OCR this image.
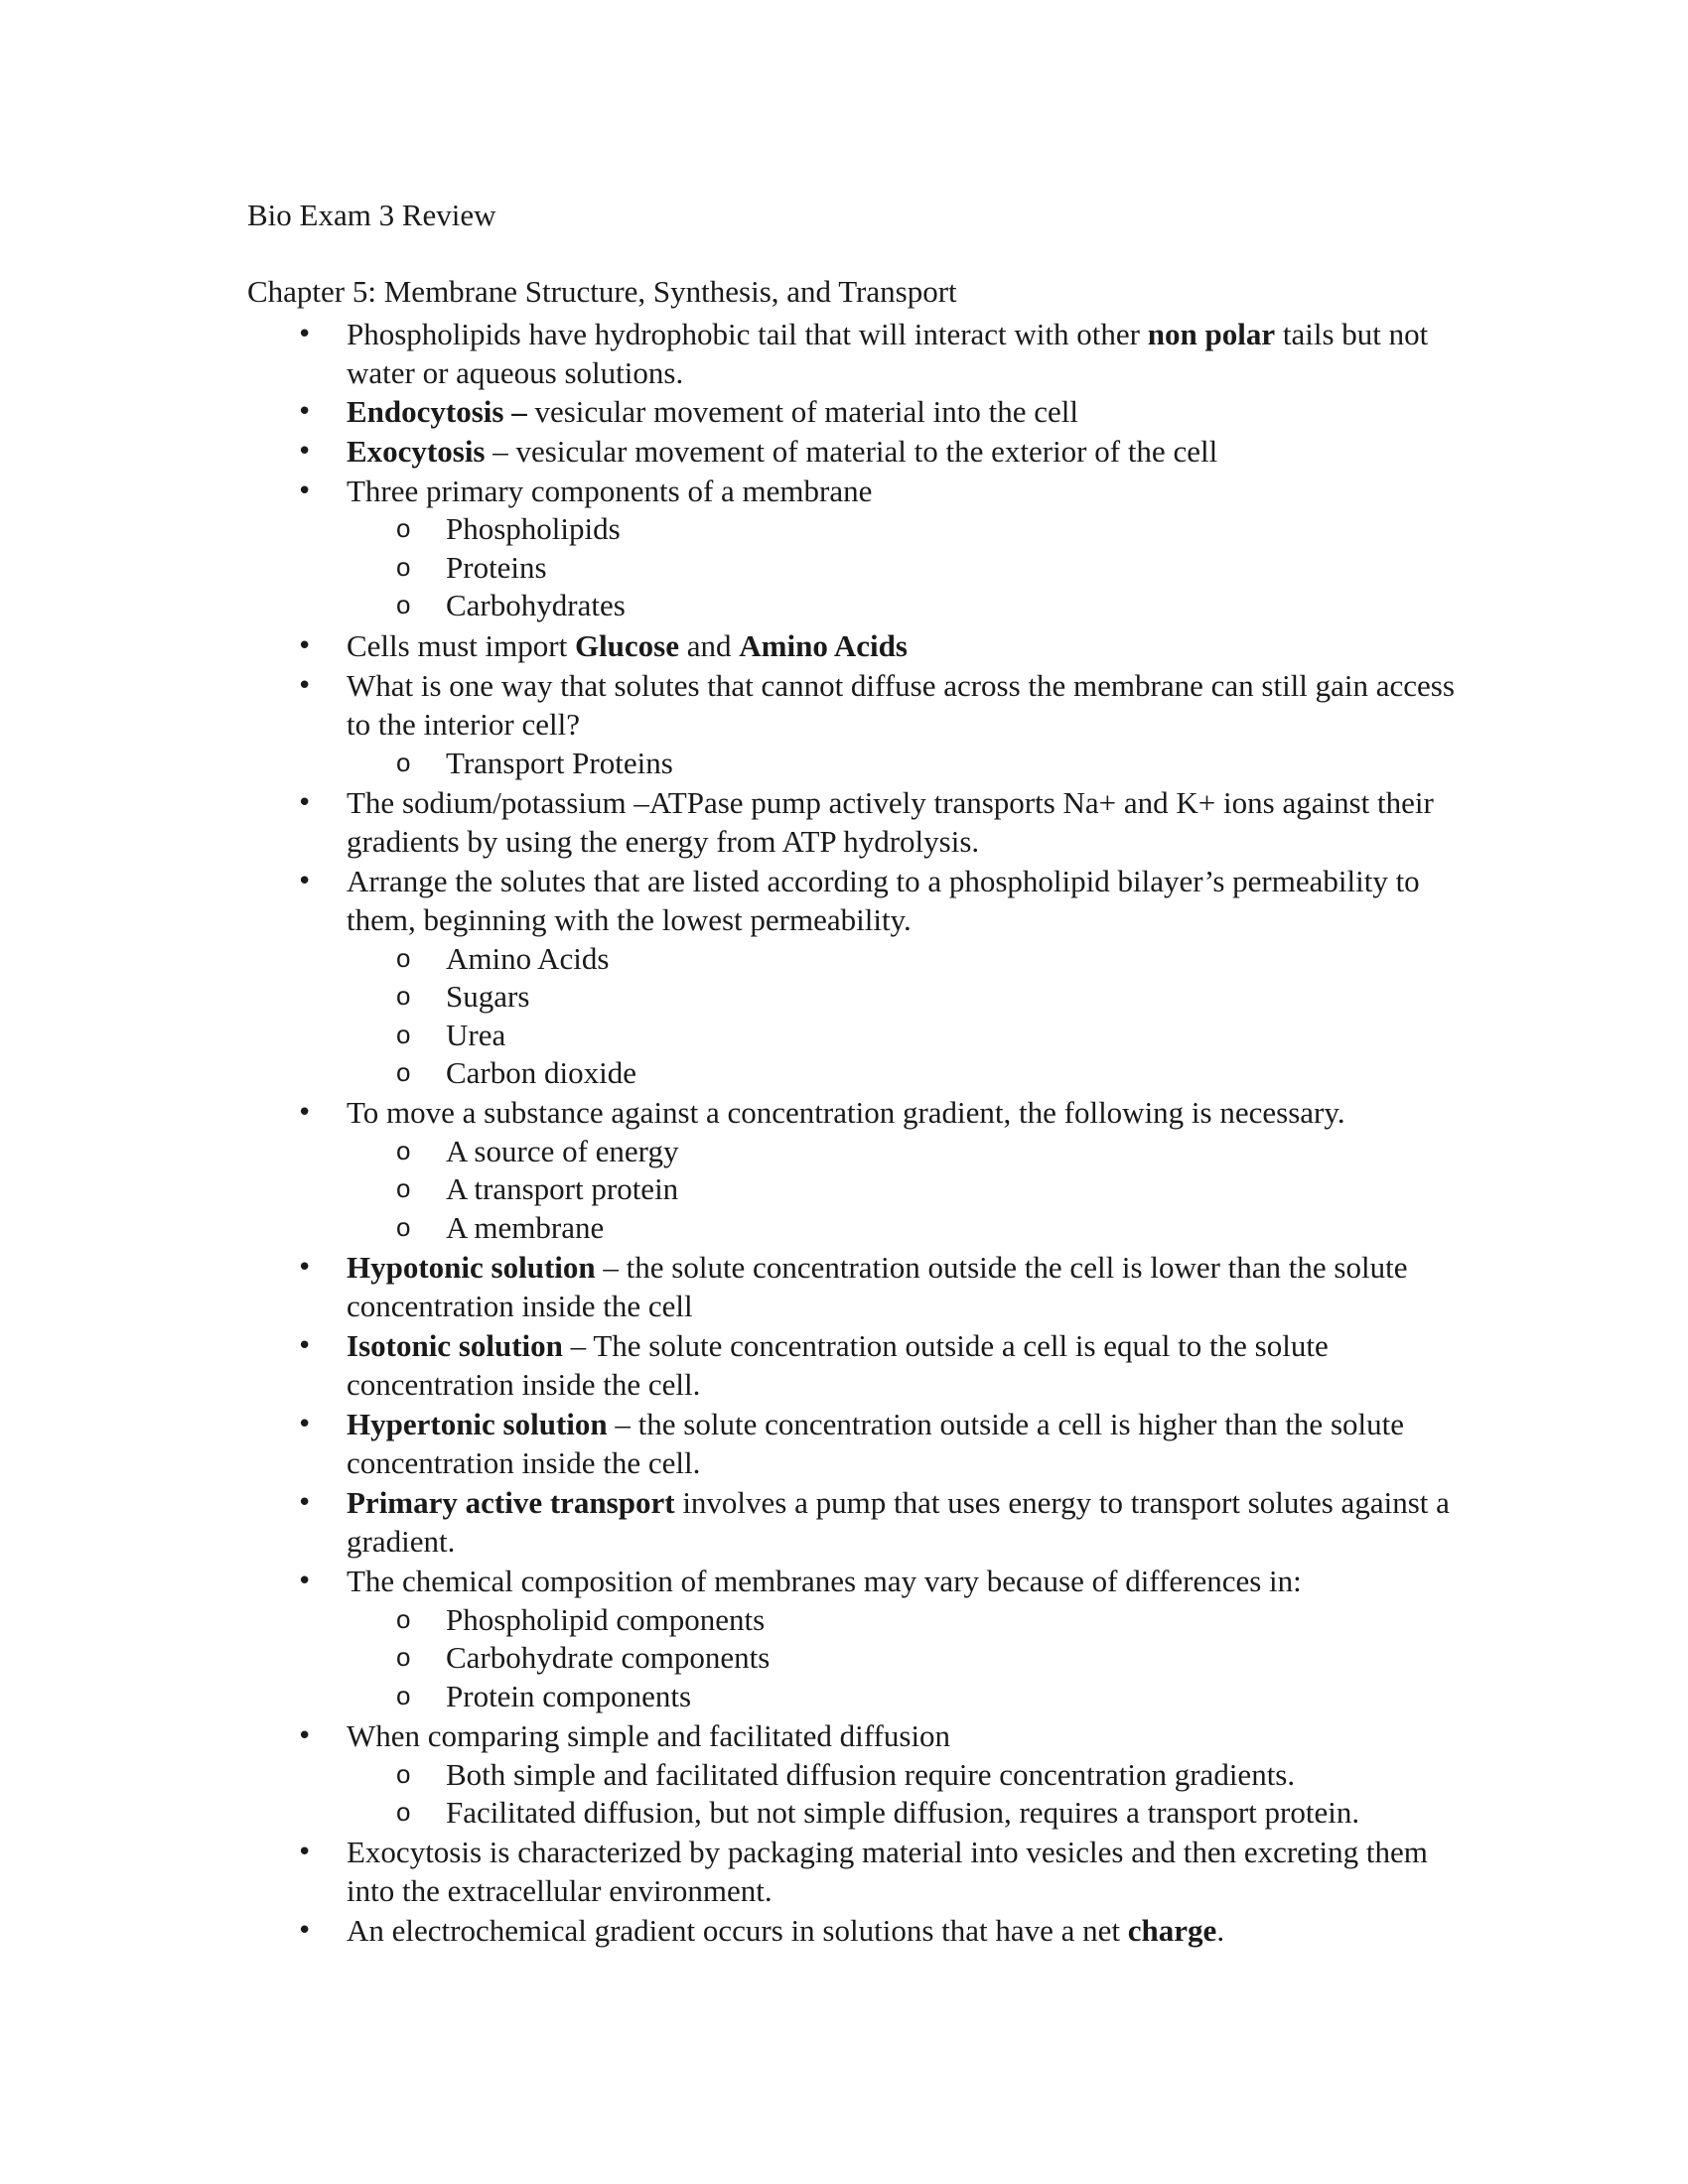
Bio Exam 3 Review
Chapter 5: Membrane Structure, Synthesis, and Transport
• Phospholipids have hydrophobic tail that will interact with other non polar tails but not water or aqueous solutions.
• Endocytosis – vesicular movement of material into the cell
• Exocytosis – vesicular movement of material to the exterior of the cell
• Three primary components of a membrane
o Phospholipids
o Proteins
o Carbohydrates
• Cells must import Glucose and Amino Acids
• What is one way that solutes that cannot diffuse across the membrane can still gain access to the interior cell?
o Transport Proteins
• The sodium/potassium –ATPase pump actively transports Na+ and K+ ions against their gradients by using the energy from ATP hydrolysis.
• Arrange the solutes that are listed according to a phospholipid bilayer’s permeability to them, beginning with the lowest permeability.
o Amino Acids
o Sugars
o Urea
o Carbon dioxide
• To move a substance against a concentration gradient, the following is necessary.
o A source of energy
o A transport protein
o A membrane
• Hypotonic solution – the solute concentration outside the cell is lower than the solute concentration inside the cell
• Isotonic solution – The solute concentration outside a cell is equal to the solute concentration inside the cell.
• Hypertonic solution – the solute concentration outside a cell is higher than the solute concentration inside the cell.
• Primary active transport involves a pump that uses energy to transport solutes against a gradient.
• The chemical composition of membranes may vary because of differences in:
o Phospholipid components
o Carbohydrate components
o Protein components
• When comparing simple and facilitated diffusion
o Both simple and facilitated diffusion require concentration gradients.
o Facilitated diffusion, but not simple diffusion, requires a transport protein.
• Exocytosis is characterized by packaging material into vesicles and then excreting them into the extracellular environment.
• An electrochemical gradient occurs in solutions that have a net charge.
